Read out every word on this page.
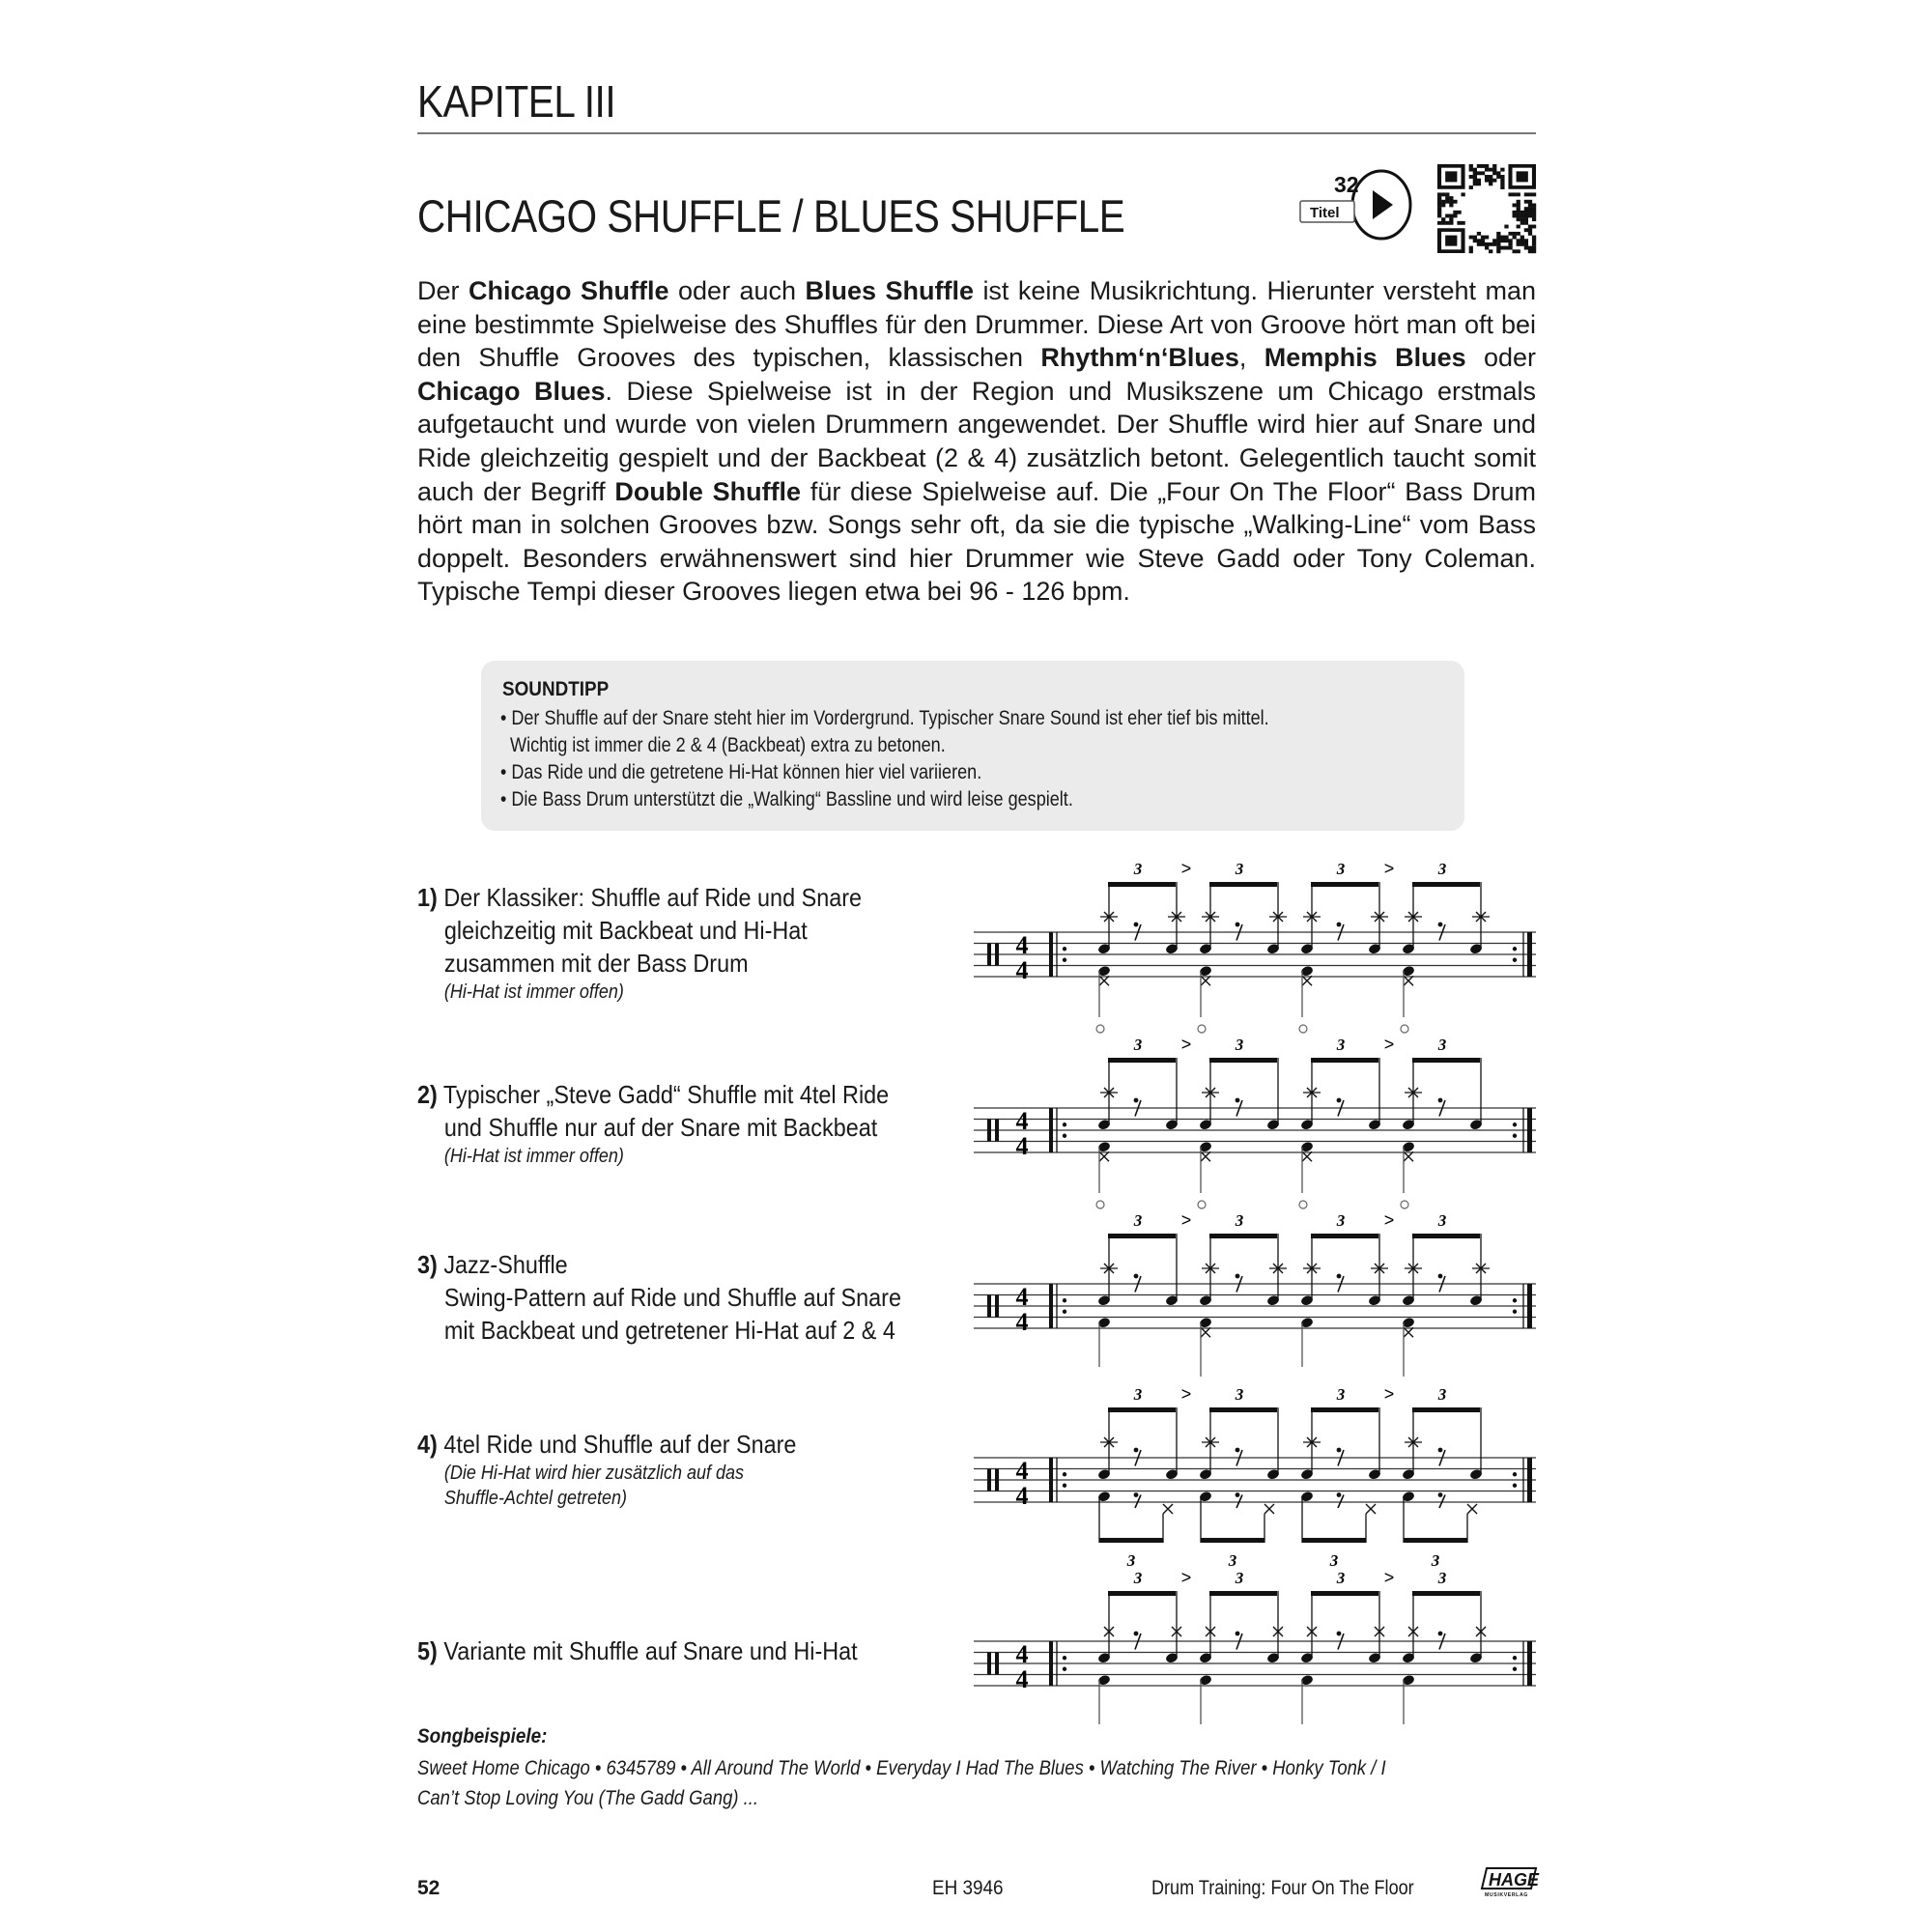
KAPITEL III
CHICAGO SHUFFLE / BLUES SHUFFLE
32
Titel
Der Chicago Shuffle oder auch Blues Shuffle ist keine Musikrichtung. Hierunter versteht man eine bestimmte Spielweise des Shuffles für den Drummer. Diese Art von Groove hört man oft bei den Shuffle Grooves des typischen, klassischen Rhythm‘n‘Blues, Memphis Blues oder Chicago Blues. Diese Spielweise ist in der Region und Musikszene um Chicago erstmals aufgetaucht und wurde von vielen Drummern angewendet. Der Shuffle wird hier auf Snare und Ride gleichzeitig gespielt und der Backbeat (2 & 4) zusätzlich betont. Gelegentlich taucht somit auch der Begriff Double Shuffle für diese Spielweise auf. Die „Four On The Floor“ Bass Drum hört man in solchen Grooves bzw. Songs sehr oft, da sie die typische „Walking-Line“ vom Bass doppelt. Besonders erwähnenswert sind hier Drummer wie Steve Gadd oder Tony Coleman. Typische Tempi dieser Grooves liegen etwa bei 96 - 126 bpm.
SOUNDTIPP
• Der Shuffle auf der Snare steht hier im Vordergrund. Typischer Snare Sound ist eher tief bis mittel.
Wichtig ist immer die 2 & 4 (Backbeat) extra zu betonen.
• Das Ride und die getretene Hi-Hat können hier viel variieren.
• Die Bass Drum unterstützt die „Walking“ Bassline und wird leise gespielt.
1) Der Klassiker: Shuffle auf Ride und Snare
gleichzeitig mit Backbeat und Hi-Hat
zusammen mit der Bass Drum
(Hi-Hat ist immer offen)
4
4
3	3
>	3	3
>
2) Typischer „Steve Gadd“ Shuffle mit 4tel Ride
und Shuffle nur auf der Snare mit Backbeat
(Hi-Hat ist immer offen)
4
4
3	3
>	3	3
>
3) Jazz-Shuffle
Swing-Pattern auf Ride und Shuffle auf Snare
mit Backbeat und getretener Hi-Hat auf 2 & 4
4
4
3	3
>	3	3
>
4) 4tel Ride und Shuffle auf der Snare
(Die Hi-Hat wird hier zusätzlich auf das
Shuffle-Achtel getreten)
4
4
3
3
3
>
3
3
3
3
>
3
5) Variante mit Shuffle auf Snare und Hi-Hat	4
4
3	3
>	3	3
>
Songbeispiele:
Sweet Home Chicago • 6345789 • All Around The World • Everyday I Had The Blues • Watching The River • Honky Tonk / I Can’t Stop Loving You (The Gadd Gang) ...
52	EH 3946	Drum Training: Four On The Floor	HAGE
MUSIKVERLAG
